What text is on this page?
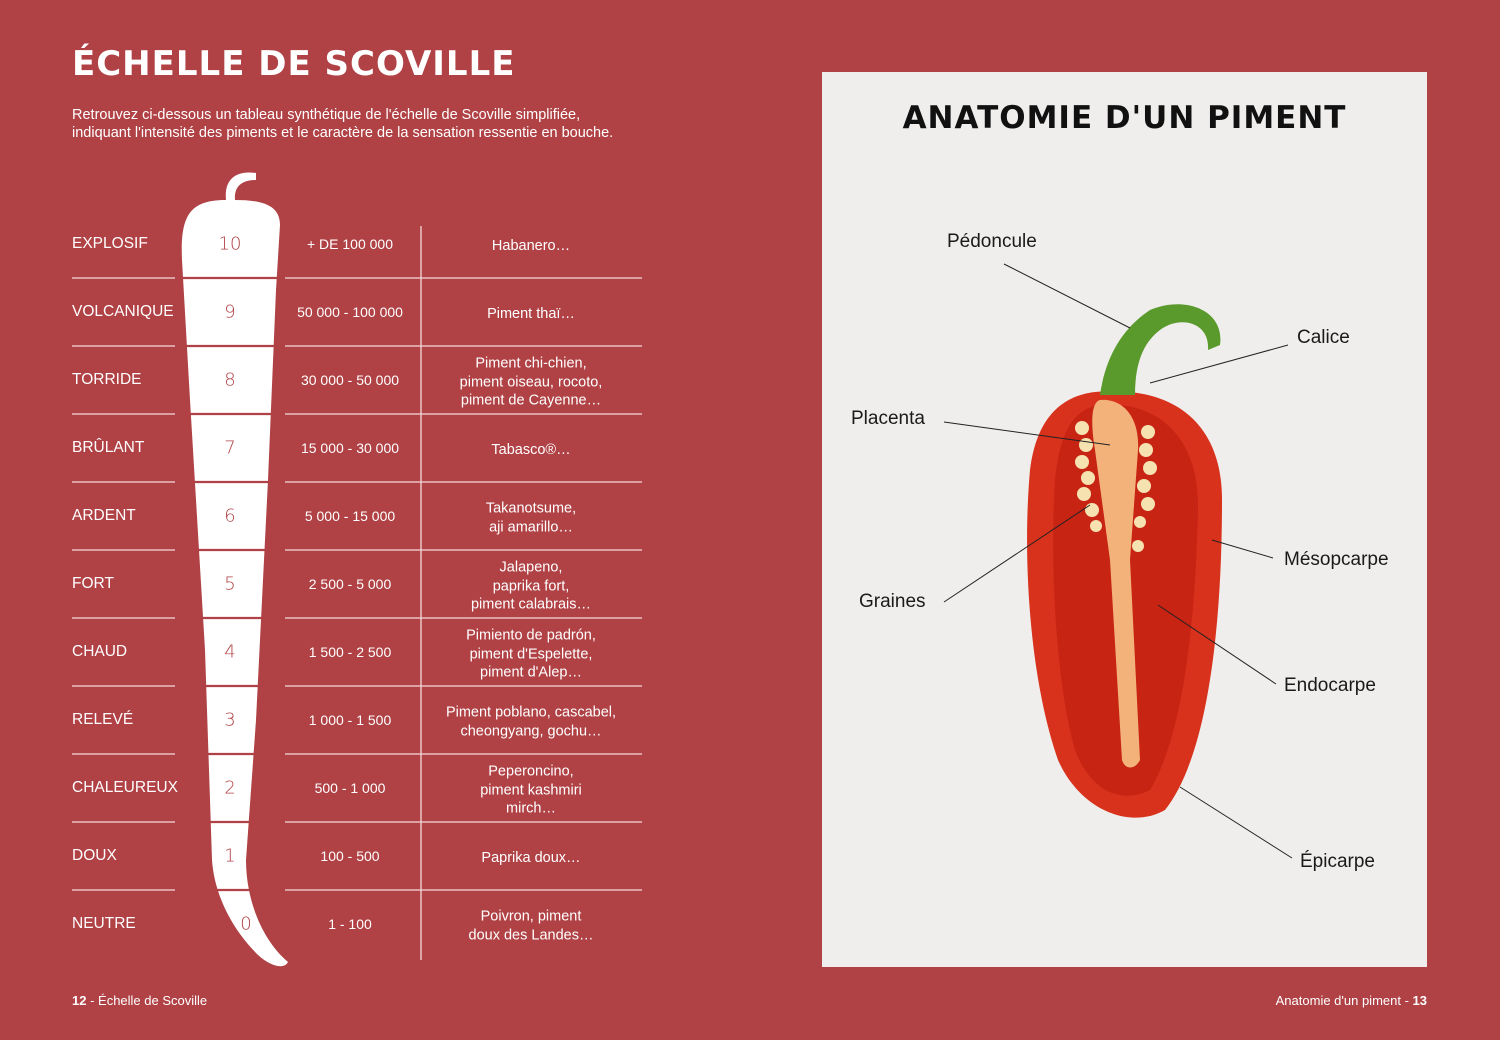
ÉCHELLE DE SCOVILLE
Retrouvez ci-dessous un tableau synthétique de l'échelle de Scoville simplifiée,
indiquant l'intensité des piments et le caractère de la sensation ressentie en bouche.
EXPLOSIF	10	+ DE 100 000	Habanero…
VOLCANIQUE	9	50 000 - 100 000	Piment thaï…
TORRIDE	8	30 000 - 50 000
Piment chi-chien,
piment oiseau, rocoto,
piment de Cayenne…
BRÛLANT	7	15 000 - 30 000	Tabasco®…
ARDENT	6	5 000 - 15 000	Takanotsume,
aji amarillo…
FORT	5	2 500 - 5 000
Jalapeno,
paprika fort,
piment calabrais…
CHAUD	4	1 500 - 2 500
Pimiento de padrón,
piment d'Espelette,
piment d'Alep…
RELEVÉ	3	1 000 - 1 500	Piment poblano, cascabel,
cheongyang, gochu…
CHALEUREUX	2	500 - 1 000
Peperoncino,
piment kashmiri
mirch…
DOUX	1	100 - 500	Paprika doux…
NEUTRE	0	1 - 100	Poivron, piment
doux des Landes…
12 - Échelle de Scoville
ANATOMIE D'UN PIMENT
Pédoncule
Calice
Placenta
Mésopcarpe
Graines
Endocarpe
Épicarpe
Anatomie d'un piment - 13
